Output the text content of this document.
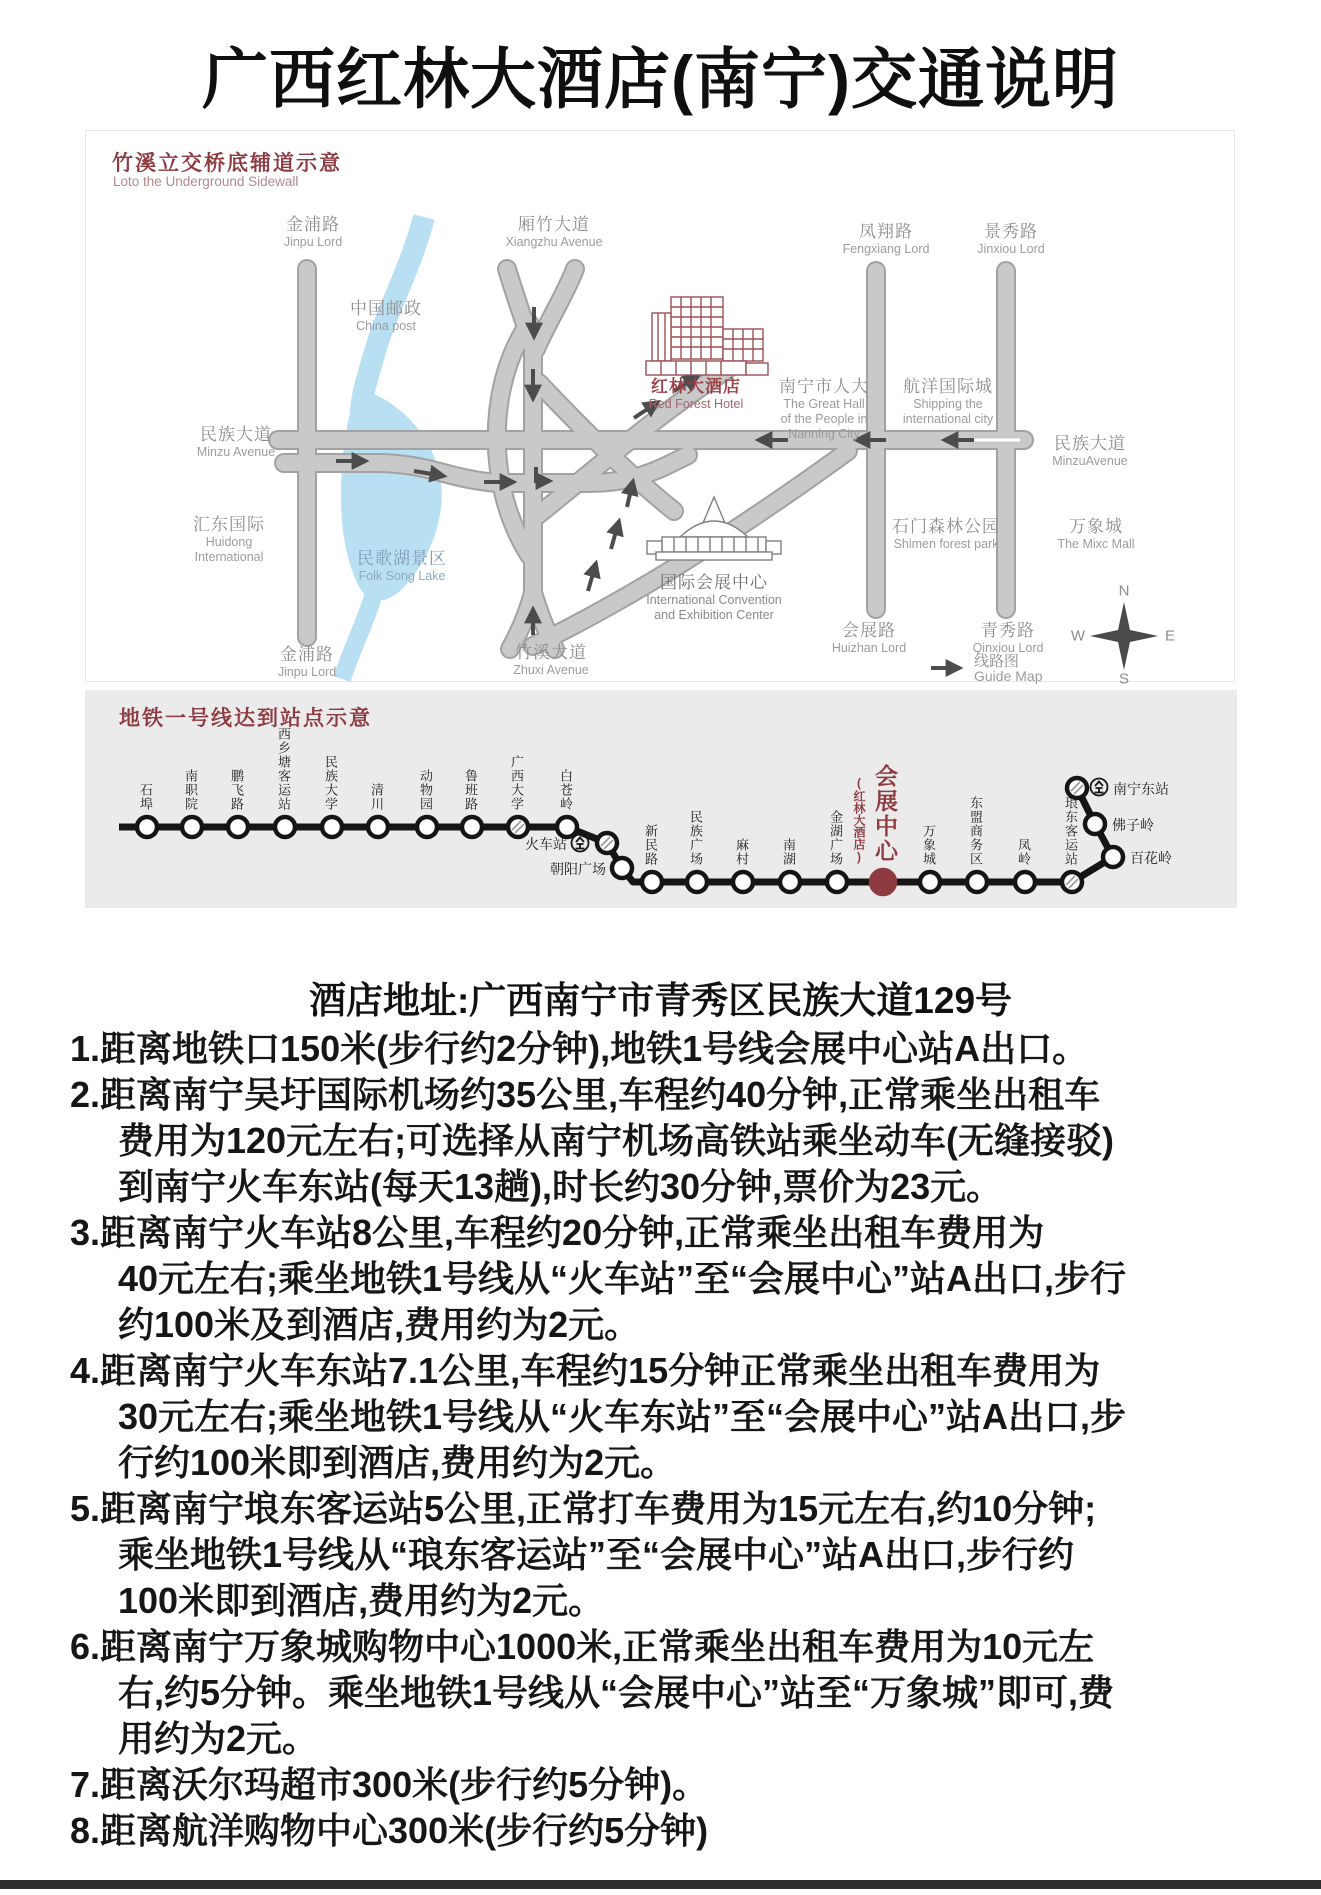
广西红林大酒店(南宁)交通说明
竹溪立交桥底辅道示意
Loto the Underground Sidewall
N
E
S
W
线路图
Guide Map
金浦路
Jinpu Lord
厢竹大道
Xiangzhu Avenue
凤翔路
Fengxiang Lord
景秀路
Jinxiou Lord
中国邮政
China post
红林大酒店
Red Forest Hotel
南宁市人大
The Great Hall
of the People in
Nanning City
航洋国际城
Shipping the
international city
民族大道
Minzu Avenue	民族大道
MinzuAvenue
汇东国际
Huidong
International	民歌湖景区
Folk Song Lake
石门森林公园
Shimen forest park
万象城
The Mixc Mall
国际会展中心
International Convention
and Exhibition Center
会展路
Huizhan Lord
青秀路
Qinxiou Lord
金浦路
Jinpu Lord
竹溪大道
Zhuxi Avenue
地铁一号线达到站点示意
石埠 南职院 鹏飞路 西乡塘客运站 民族大学 清川	动物园 鲁班路 广西大学	白苍岭
火车站
朝阳广场
新民路 民族广场 麻村 南湖 金湖广场 会展中心
(红林大酒店)	万象城 东盟商务区	凤岭 琅东客运站	百花岭
佛子岭
南宁东站
酒店地址:广西南宁市青秀区民族大道129号
1.距离地铁口150米(步行约2分钟),地铁1号线会展中心站A出口。
2.距离南宁吴圩国际机场约35公里,车程约40分钟,正常乘坐出租车
费用为120元左右;可选择从南宁机场高铁站乘坐动车(无缝接驳)
到南宁火车东站(每天13趟),时长约30分钟,票价为23元。
3.距离南宁火车站8公里,车程约20分钟,正常乘坐出租车费用为
40元左右;乘坐地铁1号线从“火车站”至“会展中心”站A出口,步行
约100米及到酒店,费用约为2元。
4.距离南宁火车东站7.1公里,车程约15分钟正常乘坐出租车费用为
30元左右;乘坐地铁1号线从“火车东站”至“会展中心”站A出口,步
行约100米即到酒店,费用约为2元。
5.距离南宁埌东客运站5公里,正常打车费用为15元左右,约10分钟;
乘坐地铁1号线从“琅东客运站”至“会展中心”站A出口,步行约
100米即到酒店,费用约为2元。
6.距离南宁万象城购物中心1000米,正常乘坐出租车费用为10元左
右,约5分钟。乘坐地铁1号线从“会展中心”站至“万象城”即可,费
用约为2元。
7.距离沃尔玛超市300米(步行约5分钟)。
8.距离航洋购物中心300米(步行约5分钟)
